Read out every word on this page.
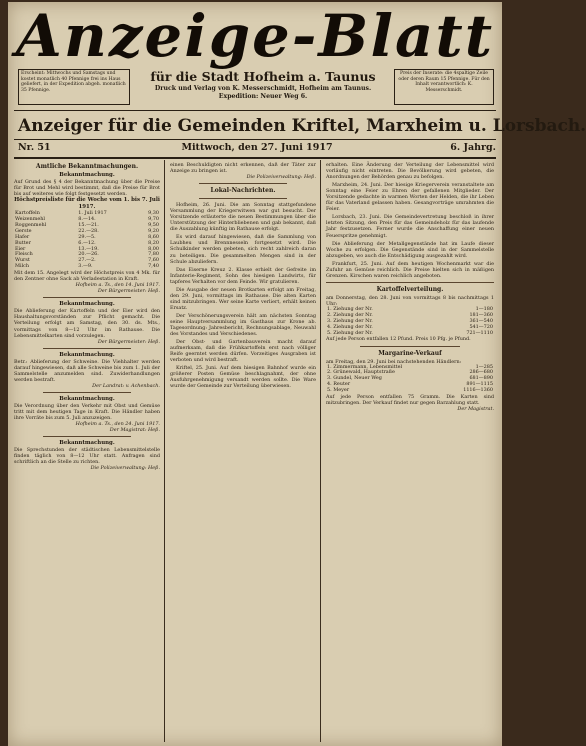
Anzeige-Blatt
Erscheint: Mittwochs und Samstags und kostet monatlich 40 Pfennige frei ins Haus geliefert, in der Expedition abgeh. monatlich 35 Pfennige.
für die Stadt Hofheim a. Taunus
Druck und Verlag von K. Messerschmidt, Hofheim am Taunus.
Expedition: Neuer Weg 6.
Preis der Inserate: die 4spaltige Zeile oder deren Raum 15 Pfennige. Für den Inhalt verantwortlich: K. Messerschmidt.
Anzeiger für die Gemeinden Kriftel, Marxheim u. Lorsbach.
Nr. 51	Mittwoch, den 27. Juni 1917	6. Jahrg.
Amtliche Bekanntmachungen.
Bekanntmachung.
Auf Grund des § 4 der Bekanntmachung über die Preise für Brot und Mehl wird bestimmt, daß die Preise für Brot bis auf weiteres wie folgt festgesetzt werden.
Höchstpreisliste für die Woche vom 1. bis 7. Juli 1917.
Kartoffeln	1. Juli 1917	9,30
Weizenmehl	8.—14.	9,70
Roggenmehl	15.—21.	9,50
Gerste	22.—28.	9,20
Hafer	29.—5.	8,60
Butter	6.—12.	8,20
Eier	13.—19.	8,00
Fleisch	20.—26.	7,80
Wurst	27.—2.	7,60
Milch	3.—9.	7,40
Mit dem 15. Angelegt wird der Höchstpreis von 4 Mk. für den Zentner ohne Sack ab Verladestation in Kraft.
Hofheim a. Ts., den 14. Juni 1917.
Der Bürgermeister: Heß.
Bekanntmachung.
Die Ablieferung der Kartoffeln und der Eier wird den Haushaltungsvorständen zur Pflicht gemacht. Die Verteilung erfolgt am Samstag, den 30. ds. Mts., vormittags von 8—12 Uhr im Rathause. Die Lebensmittelkarten sind vorzulegen.
Der Bürgermeister: Heß.
Bekanntmachung.
Betr.: Ablieferung der Schweine. Die Viehhalter werden darauf hingewiesen, daß alle Schweine bis zum 1. Juli der Sammelstelle anzumelden sind. Zuwiderhandlungen werden bestraft.
Der Landrat: v. Achenbach.
Bekanntmachung.
Die Verordnung über den Verkehr mit Obst und Gemüse tritt mit dem heutigen Tage in Kraft. Die Händler haben ihre Vorräte bis zum 5. Juli anzuzeigen.
Hofheim a. Ts., den 24. Juni 1917.
Der Magistrat: Heß.
Bekanntmachung.
Die Sprechstunden der städtischen Lebensmittelstelle finden täglich von 8—12 Uhr statt. Anfragen sind schriftlich an die Stelle zu richten.
Die Polizeiverwaltung: Heß.
einen Beschuldigten nicht erkennen, daß der Täter zur Anzeige zu bringen ist.
Die Polizeiverwaltung: Heß.
Lokal-Nachrichten.

Hofheim, 26. Juni. Die am Sonntag stattgefundene Versammlung der Kriegerwitwen war gut besucht. Der Vorsitzende erläuterte die neuen Bestimmungen über die Unterstützung der Hinterbliebenen und gab bekannt, daß die Auszahlung künftig im Rathause erfolgt.

Es wird darauf hingewiesen, daß die Sammlung von Laubheu und Brennnesseln fortgesetzt wird. Die Schulkinder werden gebeten, sich recht zahlreich daran zu beteiligen. Die gesammelten Mengen sind in der Schule abzuliefern.

Das Eiserne Kreuz 2. Klasse erhielt der Gefreite im Infanterie-Regiment, Sohn des hiesigen Landwirts, für tapferes Verhalten vor dem Feinde. Wir gratulieren.

Die Ausgabe der neuen Brotkarten erfolgt am Freitag, den 29. Juni, vormittags im Rathause. Die alten Karten sind mitzubringen. Wer seine Karte verliert, erhält keinen Ersatz.

Der Verschönerungsverein hält am nächsten Sonntag seine Hauptversammlung im Gasthaus zur Krone ab. Tagesordnung: Jahresbericht, Rechnungsablage, Neuwahl des Vorstandes und Verschiedenes.

Der Obst- und Gartenbauverein macht darauf aufmerksam, daß die Frühkartoffeln erst nach völliger Reife geerntet werden dürfen. Vorzeitiges Ausgraben ist verboten und wird bestraft.

Kriftel, 25. Juni. Auf dem hiesigen Bahnhof wurde ein größerer Posten Gemüse beschlagnahmt, der ohne Ausfuhrgenehmigung versandt werden sollte. Die Ware wurde der Gemeinde zur Verteilung überwiesen.

erhalten. Eine Änderung der Verteilung der Lebensmittel wird vorläufig nicht eintreten. Die Bevölkerung wird gebeten, die Anordnungen der Behörden genau zu befolgen.

Marxheim, 24. Juni. Der hiesige Kriegerverein veranstaltete am Sonntag eine Feier zu Ehren der gefallenen Mitglieder. Der Vorsitzende gedachte in warmen Worten der Helden, die ihr Leben für das Vaterland gelassen haben. Gesangvorträge umrahmten die Feier.

Lorsbach, 23. Juni. Die Gemeindevertretung beschloß in ihrer letzten Sitzung, den Preis für das Gemeindeholz für das laufende Jahr festzusetzen. Ferner wurde die Anschaffung einer neuen Feuerspritze genehmigt.

Die Ablieferung der Metallgegenstände hat im Laufe dieser Woche zu erfolgen. Die Gegenstände sind in der Sammelstelle abzugeben, wo auch die Entschädigung ausgezahlt wird.

Frankfurt, 25. Juni. Auf dem heutigen Wochenmarkt war die Zufuhr an Gemüse reichlich. Die Preise hielten sich in mäßigen Grenzen. Kirschen waren reichlich angeboten.

Kartoffelverteilung.
am Donnerstag, den 28. Juni von vormittags 8 bis nachmittags 1 Uhr:
1. Ziehung der Nr.	1—180
2. Ziehung der Nr.	181—360
3. Ziehung der Nr.	361—540
4. Ziehung der Nr.	541—720
5. Ziehung der Nr.	721—1110
Auf jede Person entfallen 12 Pfund. Preis 10 Pfg. je Pfund.
Margarine-Verkauf
am Freitag, den 29. Juni bei nachstehenden Händlern:
1. Zimmermann, Lebensmittel	1—285
2. Grünewald, Hauptstraße	286—680
3. Gundel, Neuer Weg	681—890
4. Reuter	891—1115
5. Meyer	1116—1360
Auf jede Person entfallen 75 Gramm. Die Karten sind mitzubringen. Der Verkauf findet nur gegen Barzahlung statt.
Der Magistrat.
